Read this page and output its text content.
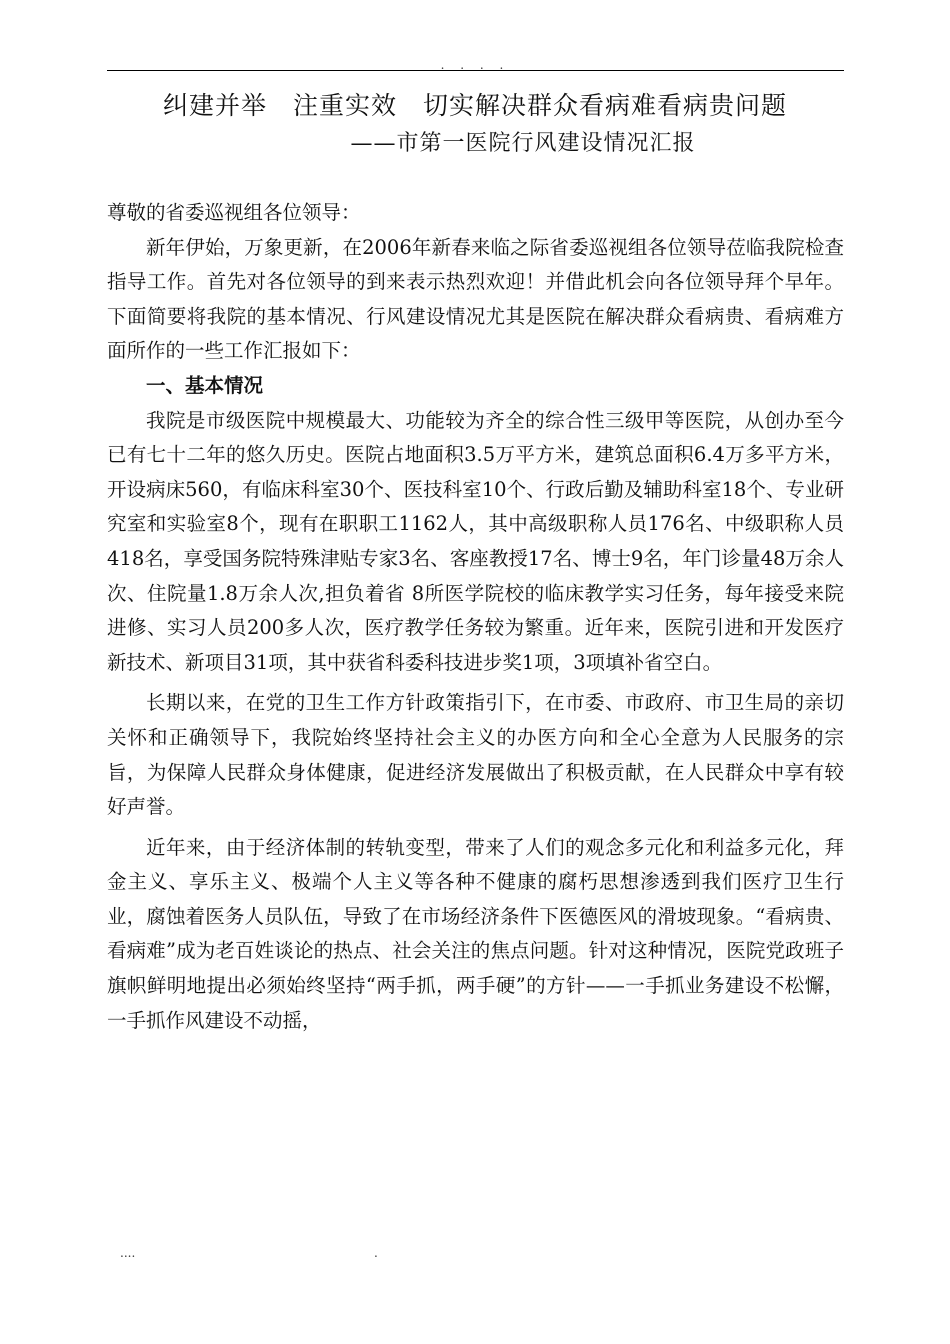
. . . .
纠建并举　注重实效　切实解决群众看病难看病贵问题
——市第一医院行风建设情况汇报

尊敬的省委巡视组各位领导：

新年伊始，万象更新，在2006年新春来临之际省委巡视组各位领导莅临我院检查指导工作。首先对各位领导的到来表示热烈欢迎！并借此机会向各位领导拜个早年。下面简要将我院的基本情况、行风建设情况尤其是医院在解决群众看病贵、看病难方面所作的一些工作汇报如下：

一、基本情况

我院是市级医院中规模最大、功能较为齐全的综合性三级甲等医院，从创办至今已有七十二年的悠久历史。医院占地面积3.5万平方米，建筑总面积6.4万多平方米，开设病床560，有临床科室30个、医技科室10个、行政后勤及辅助科室18个、专业研究室和实验室8个，现有在职职工1162人，其中高级职称人员176名、中级职称人员418名，享受国务院特殊津贴专家3名、客座教授17名、博士9名，年门诊量48万余人次、住院量1.8万余人次,担负着省 8所医学院校的临床教学实习任务，每年接受来院进修、实习人员200多人次，医疗教学任务较为繁重。近年来，医院引进和开发医疗新技术、新项目31项，其中获省科委科技进步奖1项，3项填补省空白。

长期以来，在党的卫生工作方针政策指引下，在市委、市政府、市卫生局的亲切关怀和正确领导下，我院始终坚持社会主义的办医方向和全心全意为人民服务的宗旨，为保障人民群众身体健康，促进经济发展做出了积极贡献，在人民群众中享有较好声誉。

近年来，由于经济体制的转轨变型，带来了人们的观念多元化和利益多元化，拜金主义、享乐主义、极端个人主义等各种不健康的腐朽思想渗透到我们医疗卫生行业，腐蚀着医务人员队伍，导致了在市场经济条件下医德医风的滑坡现象。“看病贵、看病难”成为老百姓谈论的热点、社会关注的焦点问题。针对这种情况，医院党政班子旗帜鲜明地提出必须始终坚持“两手抓，两手硬”的方针——一手抓业务建设不松懈，一手抓作风建设不动摇，

....	.
